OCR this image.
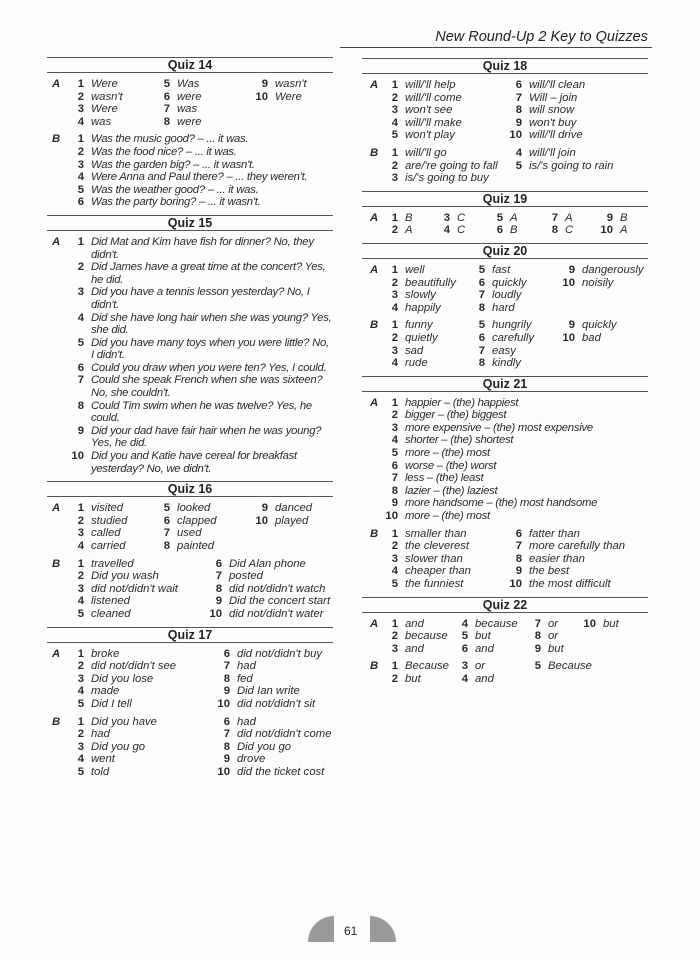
New Round-Up 2 Key to Quizzes
Quiz 14
A	1 Were	5 Was	9 wasn't
2 wasn't	6 were	10 Were
3 Were	7 was
4 was	8 were
B	1 Was the music good? – ... it was.
2 Was the food nice? – ... it was.
3 Was the garden big? – ... it wasn't.
4 Were Anna and Paul there? – ... they weren't.
5 Was the weather good? – ... it was.
6 Was the party boring? – ... it wasn't.
Quiz 15
A	1 Did Mat and Kim have fish for dinner? No, they didn't.
2 Did James have a great time at the concert? Yes, he did.
3 Did you have a tennis lesson yesterday? No, I didn't.
4 Did she have long hair when she was young? Yes, she did.
5 Did you have many toys when you were little? No, I didn't.
6 Could you draw when you were ten? Yes, I could.
7 Could she speak French when she was sixteen? No, she couldn't.
8 Could Tim swim when he was twelve? Yes, he could.
9 Did your dad have fair hair when he was young? Yes, he did.
10 Did you and Katie have cereal for breakfast yesterday? No, we didn't.
Quiz 16
A	1 visited	5 looked	9 danced
2 studied	6 clapped	10 played
3 called	7 used
4 carried	8 painted
B	1 travelled	6 Did Alan phone
2 Did you wash	7 posted
3 did not/didn't wait	8 did not/didn't watch
4 listened	9 Did the concert start
5 cleaned	10 did not/didn't water
Quiz 17
A	1 broke	6 did not/didn't buy
2 did not/didn't see	7 had
3 Did you lose	8 fed
4 made	9 Did Ian write
5 Did I tell	10 did not/didn't sit
B	1 Did you have	6 had
2 had	7 did not/didn't come
3 Did you go	8 Did you go
4 went	9 drove
5 told	10 did the ticket cost
Quiz 18
A	1 will/'ll help	6 will/'ll clean
2 will/'ll come	7 Will – join
3 won't see	8 will snow
4 will/'ll make	9 won't buy
5 won't play	10 will/'ll drive
B	1 will/'ll go	4 will/'ll join
2 are/'re going to fall	5 is/'s going to rain
3 is/'s going to buy
Quiz 19
A	1 B	3 C	5 A	7 A	9 B
2 A	4 C	6 B	8 C	10 A
Quiz 20
A	1 well	5 fast	9 dangerously
2 beautifully	6 quickly	10 noisily
3 slowly	7 loudly
4 happily	8 hard
B	1 funny	5 hungrily	9 quickly
2 quietly	6 carefully	10 bad
3 sad	7 easy
4 rude	8 kindly
Quiz 21
A	1 happier – (the) happiest
2 bigger – (the) biggest
3 more expensive – (the) most expensive
4 shorter – (the) shortest
5 more – (the) most
6 worse – (the) worst
7 less – (the) least
8 lazier – (the) laziest
9 more handsome – (the) most handsome
10 more – (the) most
B	1 smaller than	6 fatter than
2 the cleverest	7 more carefully than
3 slower than	8 easier than
4 cheaper than	9 the best
5 the funniest	10 the most difficult
Quiz 22
A	1 and	4 because	7 or	10 but
2 because	5 but	8 or
3 and	6 and	9 but
B	1 Because	3 or	5 Because
2 but	4 and
61
